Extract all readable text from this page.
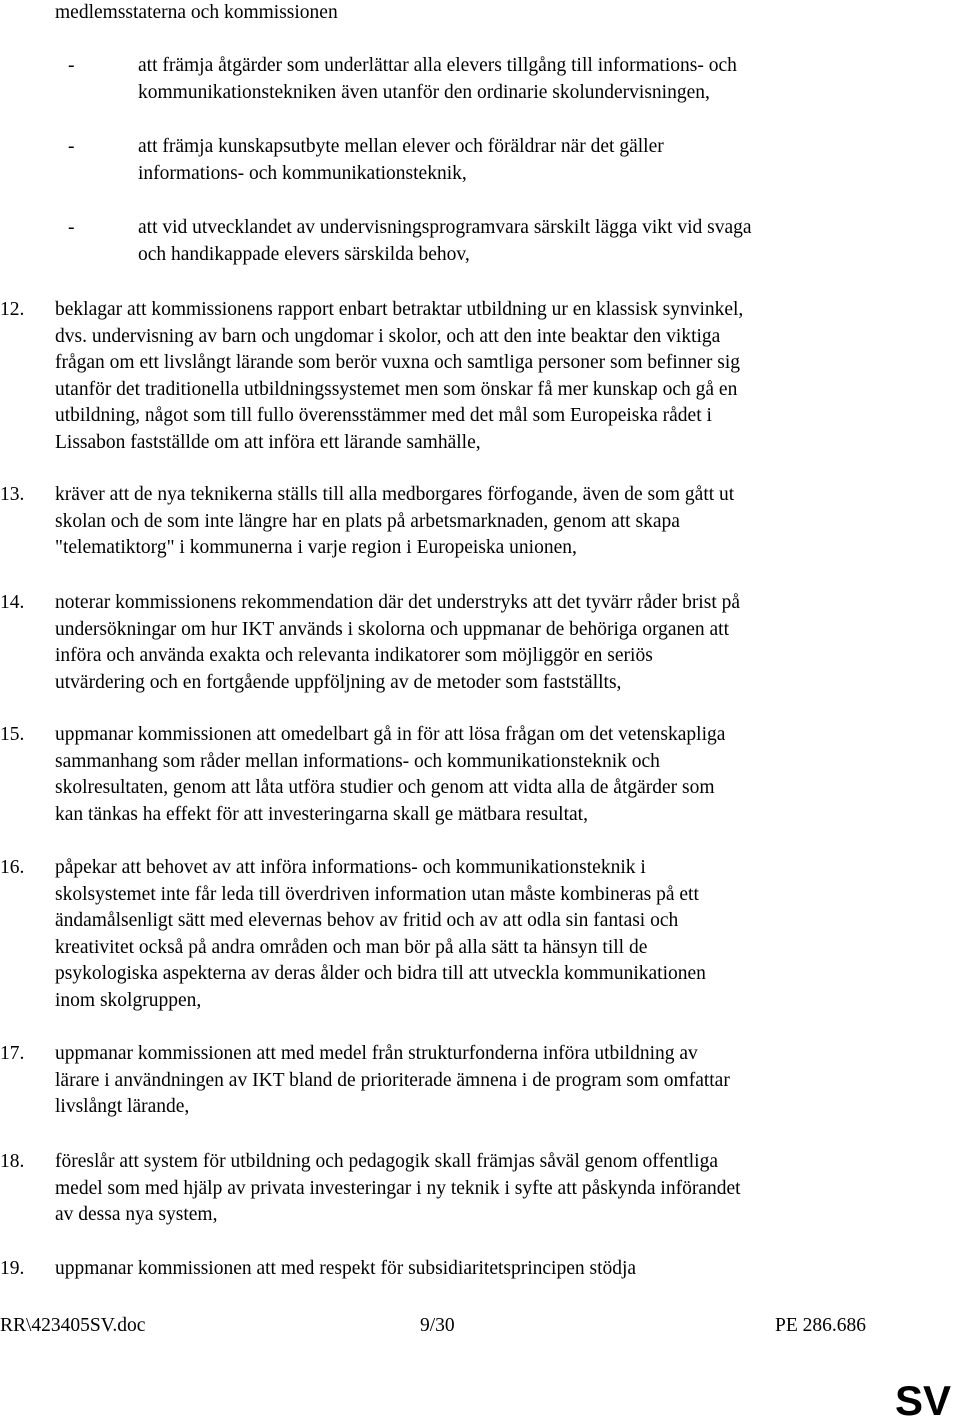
medlemsstaterna och kommissionen
-	att främja åtgärder som underlättar alla elevers tillgång till informations- och
kommunikationstekniken även utanför den ordinarie skolundervisningen,
-	att främja kunskapsutbyte mellan elever och föräldrar när det gäller
informations- och kommunikationsteknik,
-	att vid utvecklandet av undervisningsprogramvara särskilt lägga vikt vid svaga
och handikappade elevers särskilda behov,
12. beklagar att kommissionens rapport enbart betraktar utbildning ur en klassisk synvinkel,
dvs. undervisning av barn och ungdomar i skolor, och att den inte beaktar den viktiga
frågan om ett livslångt lärande som berör vuxna och samtliga personer som befinner sig
utanför det traditionella utbildningssystemet men som önskar få mer kunskap och gå en
utbildning, något som till fullo överensstämmer med det mål som Europeiska rådet i
Lissabon fastställde om att införa ett lärande samhälle,
13. kräver att de nya teknikerna ställs till alla medborgares förfogande, även de som gått ut
skolan och de som inte längre har en plats på arbetsmarknaden, genom att skapa
"telematiktorg" i kommunerna i varje region i Europeiska unionen,
14. noterar kommissionens rekommendation där det understryks att det tyvärr råder brist på
undersökningar om hur IKT används i skolorna och uppmanar de behöriga organen att
införa och använda exakta och relevanta indikatorer som möjliggör en seriös
utvärdering och en fortgående uppföljning av de metoder som fastställts,
15. uppmanar kommissionen att omedelbart gå in för att lösa frågan om det vetenskapliga
sammanhang som råder mellan informations- och kommunikationsteknik och
skolresultaten, genom att låta utföra studier och genom att vidta alla de åtgärder som
kan tänkas ha effekt för att investeringarna skall ge mätbara resultat,
16. påpekar att behovet av att införa informations- och kommunikationsteknik i
skolsystemet inte får leda till överdriven information utan måste kombineras på ett
ändamålsenligt sätt med elevernas behov av fritid och av att odla sin fantasi och
kreativitet också på andra områden och man bör på alla sätt ta hänsyn till de
psykologiska aspekterna av deras ålder och bidra till att utveckla kommunikationen
inom skolgruppen,
17. uppmanar kommissionen att med medel från strukturfonderna införa utbildning av
lärare i användningen av IKT bland de prioriterade ämnena i de program som omfattar
livslångt lärande,
18. föreslår att system för utbildning och pedagogik skall främjas såväl genom offentliga
medel som med hjälp av privata investeringar i ny teknik i syfte att påskynda införandet
av dessa nya system,
19. uppmanar kommissionen att med respekt för subsidiaritetsprincipen stödja
RR\423405SV.doc	9/30	PE 286.686
SV
